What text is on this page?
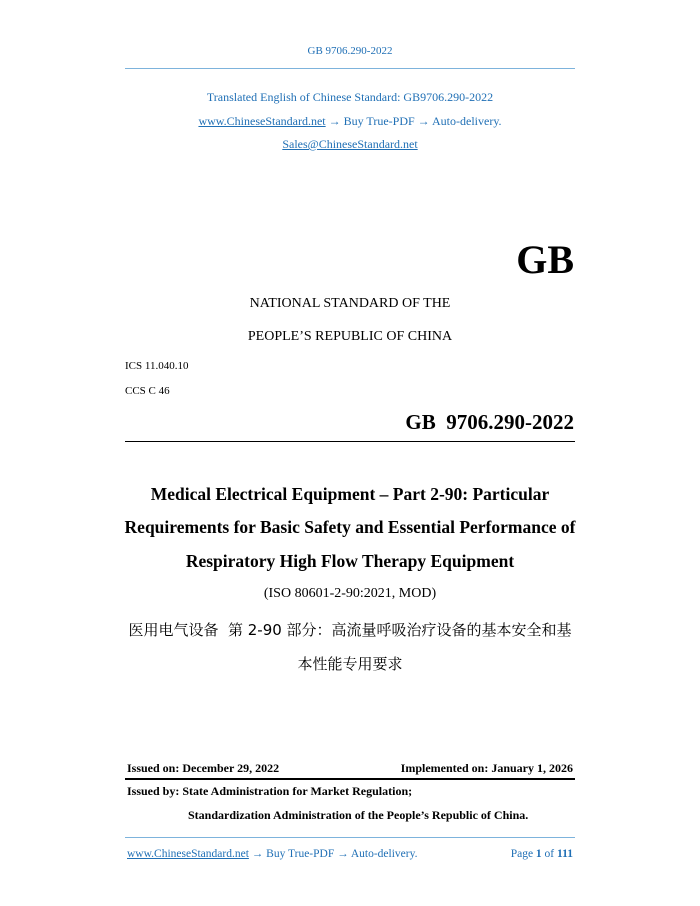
GB 9706.290-2022
Translated English of Chinese Standard: GB9706.290-2022
www.ChineseStandard.net → Buy True-PDF → Auto-delivery.
Sales@ChineseStandard.net
GB
NATIONAL STANDARD OF THE
PEOPLE’S REPUBLIC OF CHINA
ICS 11.040.10
CCS C 46
GB  9706.290-2022
Medical Electrical Equipment – Part 2-90: Particular
Requirements for Basic Safety and Essential Performance of
Respiratory High Flow Therapy Equipment
(ISO 80601-2-90:2021, MOD)
医用电气设备  第 2-90 部分：高流量呼吸治疗设备的基本安全和基
本性能专用要求
Issued on: December 29, 2022	Implemented on: January 1, 2026
Issued by: State Administration for Market Regulation;
Standardization Administration of the People’s Republic of China.
www.ChineseStandard.net → Buy True-PDF → Auto-delivery.	Page 1 of 111
